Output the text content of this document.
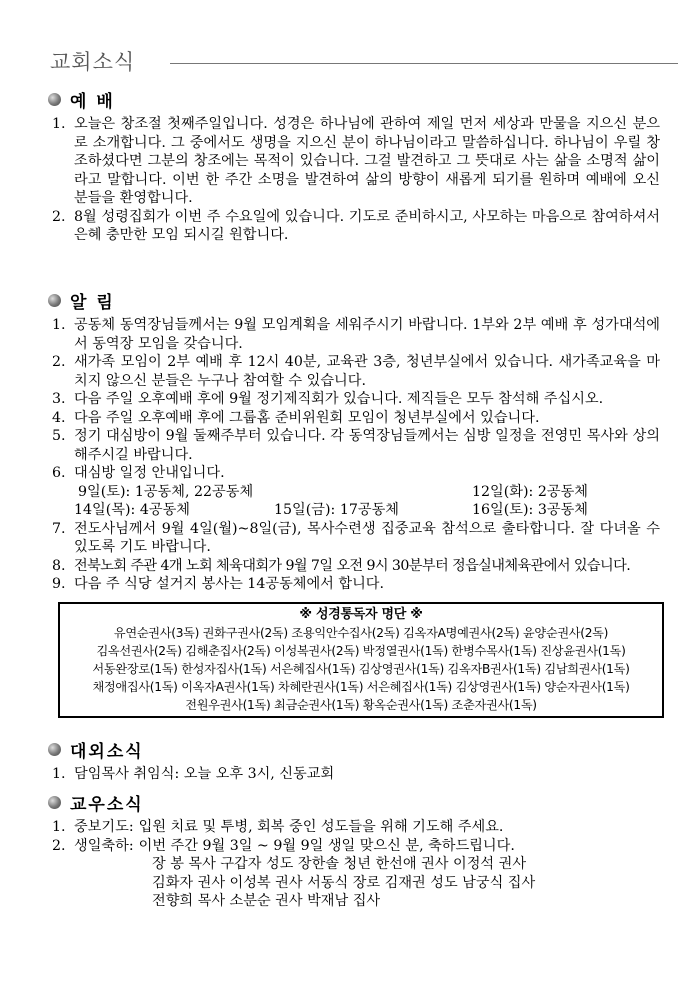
교회소식
예 배
1. 오늘은 창조절 첫째주일입니다. 성경은 하나님에 관하여 제일 먼저 세상과 만물을 지으신 분으로 소개합니다. 그 중에서도 생명을 지으신 분이 하나님이라고 말씀하십니다. 하나님이 우릴 창조하셨다면 그분의 창조에는 목적이 있습니다. 그걸 발견하고 그 뜻대로 사는 삶을 소명적 삶이라고 말합니다. 이번 한 주간 소명을 발견하여 삶의 방향이 새롭게 되기를 원하며 예배에 오신 분들을 환영합니다.
2. 8월 성령집회가 이번 주 수요일에 있습니다. 기도로 준비하시고, 사모하는 마음으로 참여하셔서 은혜 충만한 모임 되시길 원합니다.
알 림
1. 공동체 동역장님들께서는 9월 모임계획을 세워주시기 바랍니다. 1부와 2부 예배 후 성가대석에서 동역장 모임을 갖습니다.
2. 새가족 모임이 2부 예배 후 12시 40분, 교육관 3층, 청년부실에서 있습니다. 새가족교육을 마치지 않으신 분들은 누구나 참여할 수 있습니다.
3. 다음 주일 오후예배 후에 9월 정기제직회가 있습니다. 제직들은 모두 참석해 주십시오.
4. 다음 주일 오후예배 후에 그룹홈 준비위원회 모임이 청년부실에서 있습니다.
5. 정기 대심방이 9월 둘째주부터 있습니다. 각 동역장님들께서는 심방 일정을 전영민 목사와 상의해주시길 바랍니다.
6. 대심방 일정 안내입니다.
9일(토): 1공동체, 22공동체	12일(화): 2공동체
14일(목): 4공동체	15일(금): 17공동체	16일(토): 3공동체
7. 전도사님께서 9월 4일(월)~8일(금), 목사수련생 집중교육 참석으로 출타합니다. 잘 다녀올 수 있도록 기도 바랍니다.
8. 전북노회 주관 4개 노회 체육대회가 9월 7일 오전 9시 30분부터 정읍실내체육관에서 있습니다.
9. 다음 주 식당 설거지 봉사는 14공동체에서 합니다.
※ 성경통독자 명단 ※
유연순권사(3독) 권화구권사(2독) 조용익안수집사(2독) 김옥자A명예권사(2독) 윤양순권사(2독)
김옥선권사(2독) 김해춘집사(2독) 이성복권사(2독) 박정열권사(1독) 한병수목사(1독) 진상윤권사(1독)
서동완장로(1독) 한성자집사(1독) 서은혜집사(1독) 김상영권사(1독) 김옥자B권사(1독) 김남희권사(1독)
채정애집사(1독) 이옥자A권사(1독) 차혜란권사(1독) 서은혜집사(1독) 김상영권사(1독) 양순자권사(1독)
전원우권사(1독) 최금순권사(1독) 황옥순권사(1독) 조춘자권사(1독)
대외소식
1. 담임목사 취임식: 오늘 오후 3시, 신동교회
교우소식
1. 중보기도: 입원 치료 및 투병, 회복 중인 성도들을 위해 기도해 주세요.
2. 생일축하: 이번 주간 9월 3일 ~ 9월 9일 생일 맞으신 분, 축하드립니다.
장 봉 목사 구갑자 성도 장한솔 청년 한선애 권사 이정석 권사
김화자 권사 이성복 권사 서동식 장로 김재권 성도 남궁식 집사
전향희 목사 소분순 권사 박재남 집사
